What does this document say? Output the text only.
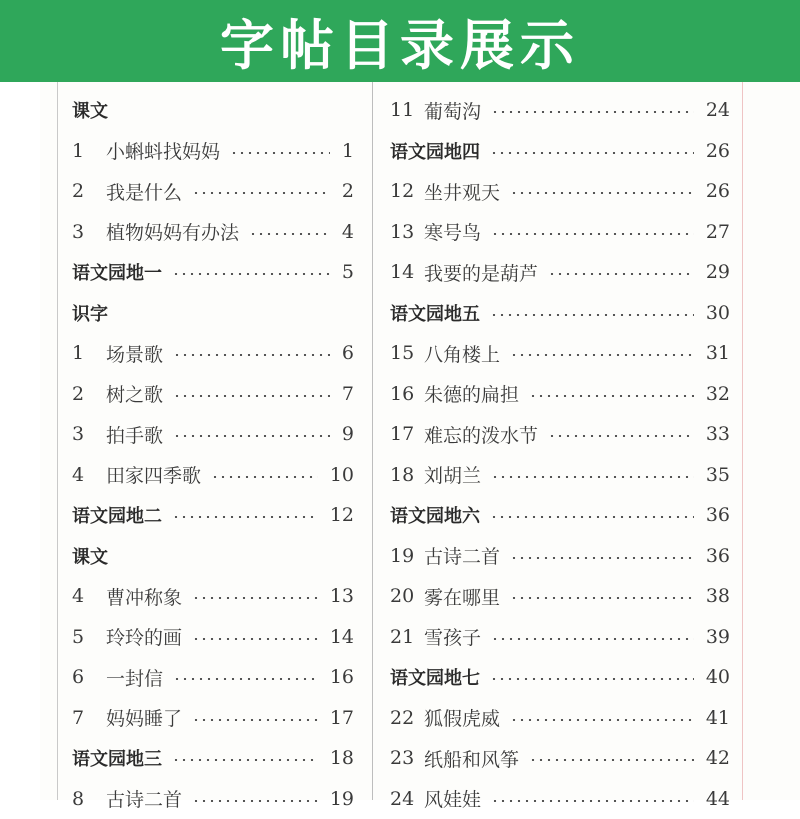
字帖目录展示
课文
1	小蝌蚪找妈妈	1
2	我是什么	2
3	植物妈妈有办法	4
语文园地一	5
识字
1	场景歌	6
2	树之歌	7
3	拍手歌	9
4	田家四季歌	10
语文园地二	12
课文
4	曹冲称象	13
5	玲玲的画	14
6	一封信	16
7	妈妈睡了	17
语文园地三	18
8	古诗二首	19
11 葡萄沟	24
语文园地四	26
12 坐井观天	26
13 寒号鸟	27
14 我要的是葫芦	29
语文园地五	30
15 八角楼上	31
16 朱德的扁担	32
17 难忘的泼水节	33
18 刘胡兰	35
语文园地六	36
19 古诗二首	36
20 雾在哪里	38
21 雪孩子	39
语文园地七	40
22 狐假虎威	41
23 纸船和风筝	42
24 风娃娃	44
